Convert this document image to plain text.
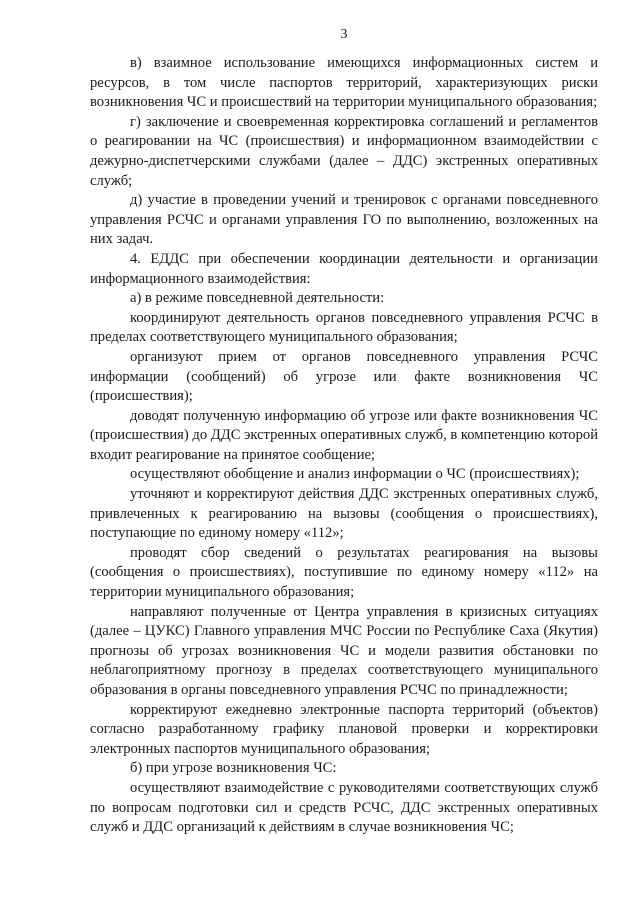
3

в) взаимное использование имеющихся информационных систем и ресурсов, в том числе паспортов территорий, характеризующих риски возникновения ЧС и происшествий на территории муниципального образования;

г) заключение и своевременная корректировка соглашений и регламентов о реагировании на ЧС (происшествия) и информационном взаимодействии с дежурно-диспетчерскими службами (далее – ДДС) экстренных оперативных служб;

д) участие в проведении учений и тренировок с органами повседневного управления РСЧС и органами управления ГО по выполнению, возложенных на них задач.

4. ЕДДС при обеспечении координации деятельности и организации информационного взаимодействия:

а) в режиме повседневной деятельности:

координируют деятельность органов повседневного управления РСЧС в пределах соответствующего муниципального образования;

организуют прием от органов повседневного управления РСЧС информации (сообщений) об угрозе или факте возникновения ЧС (происшествия);

доводят полученную информацию об угрозе или факте возникновения ЧС (происшествия) до ДДС экстренных оперативных служб, в компетенцию которой входит реагирование на принятое сообщение;

осуществляют обобщение и анализ информации о ЧС (происшествиях);

уточняют и корректируют действия ДДС экстренных оперативных служб, привлеченных к реагированию на вызовы (сообщения о происшествиях), поступающие по единому номеру «112»;

проводят сбор сведений о результатах реагирования на вызовы (сообщения о происшествиях), поступившие по единому номеру «112» на территории муниципального образования;

направляют полученные от Центра управления в кризисных ситуациях (далее – ЦУКС) Главного управления МЧС России по Республике Саха (Якутия) прогнозы об угрозах возникновения ЧС и модели развития обстановки по неблагоприятному прогнозу в пределах соответствующего муниципального образования в органы повседневного управления РСЧС по принадлежности;

корректируют ежедневно электронные паспорта территорий (объектов) согласно разработанному графику плановой проверки и корректировки электронных паспортов муниципального образования;

б) при угрозе возникновения ЧС:

осуществляют взаимодействие с руководителями соответствующих служб по вопросам подготовки сил и средств РСЧС, ДДС экстренных оперативных служб и ДДС организаций к действиям в случае возникновения ЧС;
